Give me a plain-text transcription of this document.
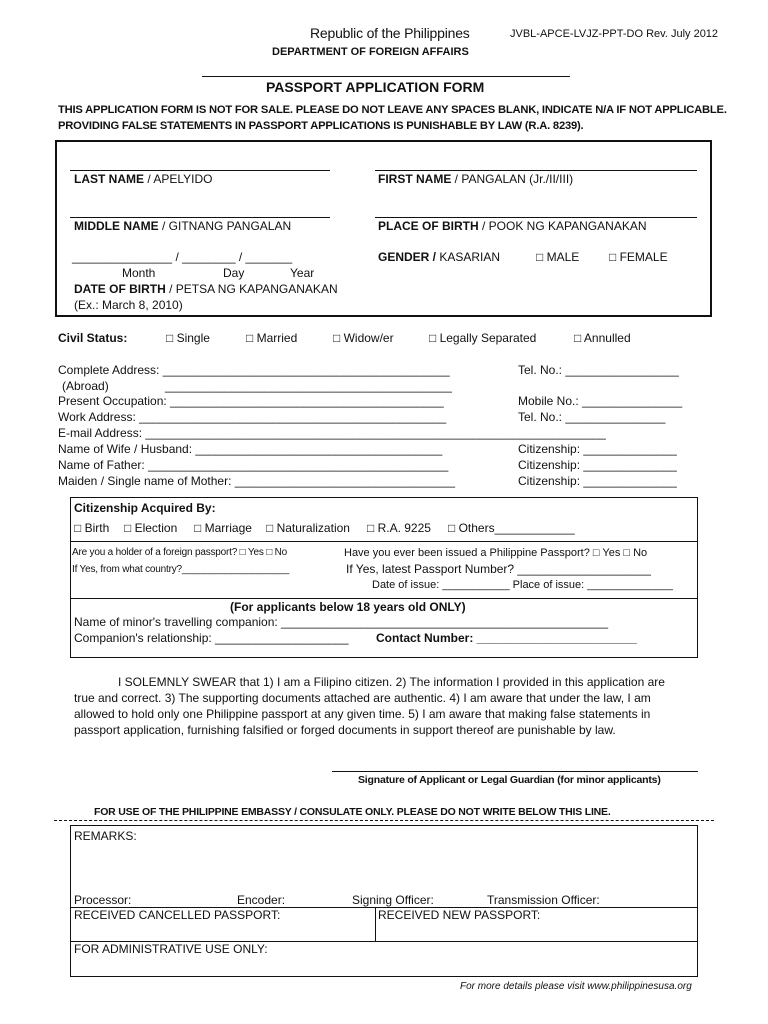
Republic of the Philippines	JVBL-APCE-LVJZ-PPT-DO Rev. July 2012
DEPARTMENT OF FOREIGN AFFAIRS
PASSPORT APPLICATION FORM
THIS APPLICATION FORM IS NOT FOR SALE. PLEASE DO NOT LEAVE ANY SPACES BLANK, INDICATE N/A IF NOT APPLICABLE.
PROVIDING FALSE STATEMENTS IN PASSPORT APPLICATIONS IS PUNISHABLE BY LAW (R.A. 8239).
LAST NAME / APELYIDO	FIRST NAME / PANGALAN (Jr./II/III)
MIDDLE NAME / GITNANG PANGALAN	PLACE OF BIRTH / POOK NG KAPANGANAKAN
_______________ / ________ / _______
Month	Day	Year
DATE OF BIRTH / PETSA NG KAPANGANAKAN
(Ex.: March 8, 2010)
GENDER / KASARIAN	□ MALE □ FEMALE
Civil Status:	□ Single	□ Married	□ Widow/er	□ Legally Separated	□ Annulled
Complete Address: ___________________________________________	Tel. No.: _________________
(Abroad)	___________________________________________
Present Occupation: _________________________________________	Mobile No.: _______________
Work Address: ______________________________________________	Tel. No.: _______________
E-mail Address: _____________________________________________________________________
Name of Wife / Husband: _____________________________________	Citizenship: ______________
Name of Father: _____________________________________________	Citizenship: ______________
Maiden / Single name of Mother: _________________________________	Citizenship: ______________
Citizenship Acquired By:
□ Birth □ Election □ Marriage □ Naturalization □ R.A. 9225 □ Others____________
Are you a holder of a foreign passport? □ Yes □ No
If Yes, from what country?____________________
Have you ever been issued a Philippine Passport? □ Yes □ No
If Yes, latest Passport Number? ____________________
Date of issue: ___________ Place of issue: ______________
(For applicants below 18 years old ONLY)
Name of minor's travelling companion: _________________________________________________
Companion's relationship: ____________________ Contact Number: ________________________
I SOLEMNLY SWEAR that 1) I am a Filipino citizen. 2) The information I provided in this application are
true and correct. 3) The supporting documents attached are authentic. 4) I am aware that under the law, I am
allowed to hold only one Philippine passport at any given time. 5) I am aware that making false statements in
passport application, furnishing falsified or forged documents in support thereof are punishable by law.
Signature of Applicant or Legal Guardian (for minor applicants)
FOR USE OF THE PHILIPPINE EMBASSY / CONSULATE ONLY. PLEASE DO NOT WRITE BELOW THIS LINE.
REMARKS:
Processor:	Encoder:	Signing Officer:	Transmission Officer:
RECEIVED CANCELLED PASSPORT:	RECEIVED NEW PASSPORT:
FOR ADMINISTRATIVE USE ONLY:
For more details please visit www.philippinesusa.org
